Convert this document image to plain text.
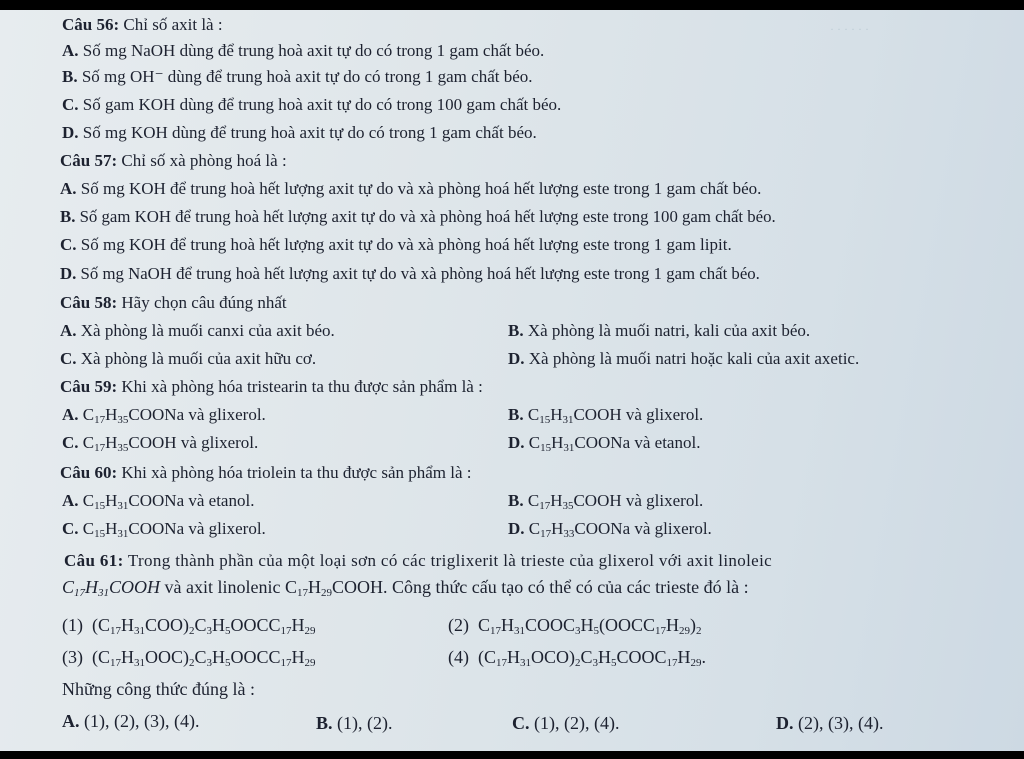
· · · · · ·
Câu 56: Chỉ số axit là :
A. Số mg NaOH dùng để trung hoà axit tự do có trong 1 gam chất béo.
B. Số mg OH⁻ dùng để trung hoà axit tự do có trong 1 gam chất béo.
C. Số gam KOH dùng để trung hoà axit tự do có trong 100 gam chất béo.
D. Số mg KOH dùng để trung hoà axit tự do có trong 1 gam chất béo.
Câu 57: Chỉ số xà phòng hoá là :
A. Số mg KOH để trung hoà hết lượng axit tự do và xà phòng hoá hết lượng este trong 1 gam chất béo.
B. Số gam KOH để trung hoà hết lượng axit tự do và xà phòng hoá hết lượng este trong 100 gam chất béo.
C. Số mg KOH để trung hoà hết lượng axit tự do và xà phòng hoá hết lượng este trong 1 gam lipit.
D. Số mg NaOH để trung hoà hết lượng axit tự do và xà phòng hoá hết lượng este trong 1 gam chất béo.
Câu 58: Hãy chọn câu đúng nhất
A. Xà phòng là muối canxi của axit béo.	B. Xà phòng là muối natri, kali của axit béo.
C. Xà phòng là muối của axit hữu cơ.	D. Xà phòng là muối natri hoặc kali của axit axetic.
Câu 59: Khi xà phòng hóa tristearin ta thu được sản phẩm là :
A. $C_{17}H_{35}COONa$ và glixerol.	B. $C_{15}H_{31}COOH$ và glixerol.
C. $C_{17}H_{35}COOH$ và glixerol.	D. $C_{15}H_{31}COONa$ và etanol.
Câu 60: Khi xà phòng hóa triolein ta thu được sản phẩm là :
A. $C_{15}H_{31}COONa$ và etanol.	B. $C_{17}H_{35}COOH$ và glixerol.
C. $C_{15}H_{31}COONa$ và glixerol.	D. $C_{17}H_{33}COONa$ và glixerol.
Câu 61: Trong thành phần của một loại sơn có các triglixerit là trieste của glixerol với axit linoleic
$C_{17}H_{31}COOH$ và axit linolenic $C_{17}H_{29}COOH$. Công thức cấu tạo có thể có của các trieste đó là :
(1)  $(C_{17}H_{31}COO)_2C_3H_5OOCC_{17}H_{29}$	(2)  $C_{17}H_{31}COOC_3H_5(OOCC_{17}H_{29})_2$
(3)  $(C_{17}H_{31}OOC)_2C_3H_5OOCC_{17}H_{29}$	(4)  $(C_{17}H_{31}OCO)_2C_3H_5COOC_{17}H_{29}$.
Những công thức đúng là :
A. (1), (2), (3), (4).	B. (1), (2).	C. (1), (2), (4).	D. (2), (3), (4).
